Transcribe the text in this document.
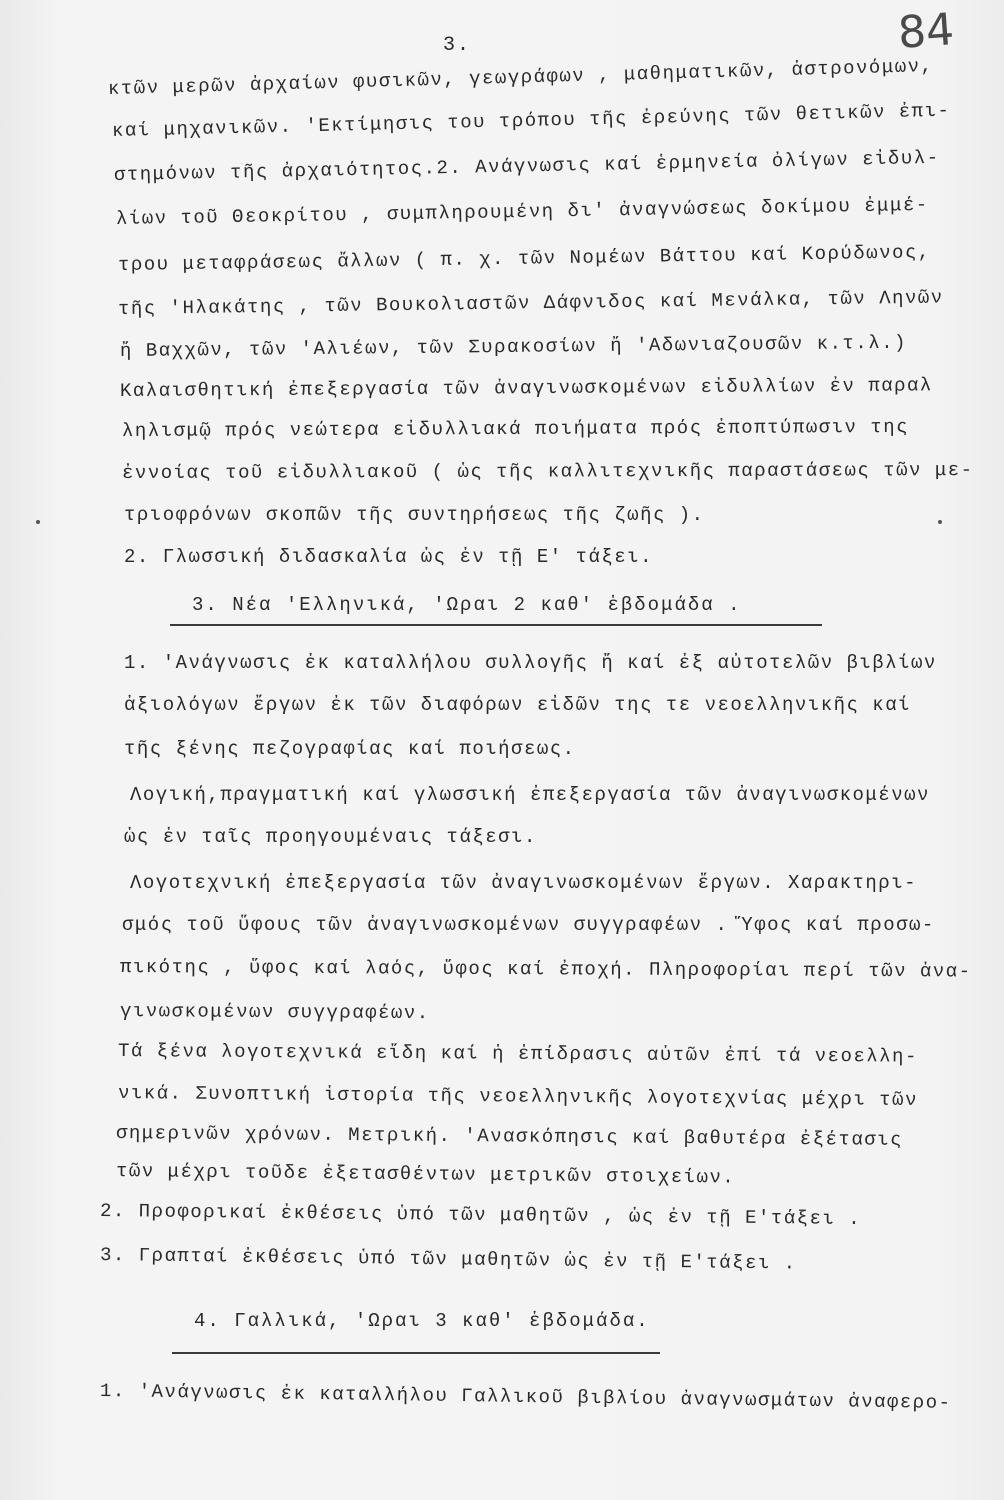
3.	84
κτῶν μερῶν ἀρχαίων φυσικῶν, γεωγράφων , μαθηματικῶν, ἀστρονόμων,
καί μηχανικῶν. 'Εκτίμησις του τρόπου τῆς ἐρεύνης τῶν θετικῶν ἐπι-
στημόνων τῆς ἀρχαιότητος.2. Ανάγνωσις καί ἑρμηνεία ὀλίγων εἰδυλ-
λίων τοῦ Θεοκρίτου , συμπληρουμένη δι' ἀναγνώσεως δοκίμου ἐμμέ-
τρου μεταφράσεως ἄλλων ( π. χ. τῶν Νομέων Βάττου καί Κορύδωνος,
τῆς 'Ηλακάτης , τῶν Βουκολιαστῶν Δάφνιδος καί Μενάλκα, τῶν Ληνῶν
ἤ Βαχχῶν, τῶν 'Αλιέων, τῶν Συρακοσίων ἤ 'Αδωνιαζουσῶν κ.τ.λ.)
Καλαισθητική ἐπεξεργασία τῶν ἀναγινωσκομένων εἰδυλλίων ἐν παραλ
ληλισμῷ πρός νεώτερα εἰδυλλιακά ποιήματα πρός ἐποπτύπωσιν της
ἐννοίας τοῦ εἰδυλλιακοῦ ( ὡς τῆς καλλιτεχνικῆς παραστάσεως τῶν με-
τριοφρόνων σκοπῶν τῆς συντηρήσεως τῆς ζωῆς ).
2. Γλωσσική διδασκαλία ὡς ἐν τῇ Ε' τάξει.
3. Νέα 'Ελληνικά, 'Ωραι 2 καθ' ἑβδομάδα .
1. 'Ανάγνωσις ἐκ καταλλήλου συλλογῆς ἤ καί ἐξ αὐτοτελῶν βιβλίων
ἀξιολόγων ἔργων ἐκ τῶν διαφόρων εἰδῶν της τε νεοελληνικῆς καί
τῆς ξένης πεζογραφίας καί ποιήσεως.
Λογική,πραγματική καί γλωσσική ἐπεξεργασία τῶν ἀναγινωσκομένων
ὡς ἐν ταῖς προηγουμέναις τάξεσι.
Λογοτεχνική ἐπεξεργασία τῶν ἀναγινωσκομένων ἔργων. Χαρακτηρι-
σμός τοῦ ὕφους τῶν ἀναγινωσκομένων συγγραφέων . Ὕφος καί προσω-
πικότης , ὕφος καί λαός, ὕφος καί ἐποχή. Πληροφορίαι περί τῶν ἀνα-
γινωσκομένων συγγραφέων.
Τά ξένα λογοτεχνικά εἴδη καί ἡ ἐπίδρασις αὐτῶν ἐπί τά νεοελλη-
νικά. Συνοπτική ἱστορία τῆς νεοελληνικῆς λογοτεχνίας μέχρι τῶν
σημερινῶν χρόνων. Μετρική. 'Ανασκόπησις καί βαθυτέρα ἐξέτασις
τῶν μέχρι τοῦδε ἐξετασθέντων μετρικῶν στοιχείων.
2. Προφορικαί ἐκθέσεις ὑπό τῶν μαθητῶν , ὡς ἐν τῇ Ε'τάξει .
3. Γραπταί ἐκθέσεις ὑπό τῶν μαθητῶν ὡς ἐν τῇ Ε'τάξει .
4. Γαλλικά, 'Ωραι 3 καθ' ἑβδομάδα.
1. 'Ανάγνωσις ἐκ καταλλήλου Γαλλικοῦ βιβλίου ἀναγνωσμάτων ἀναφερο-
